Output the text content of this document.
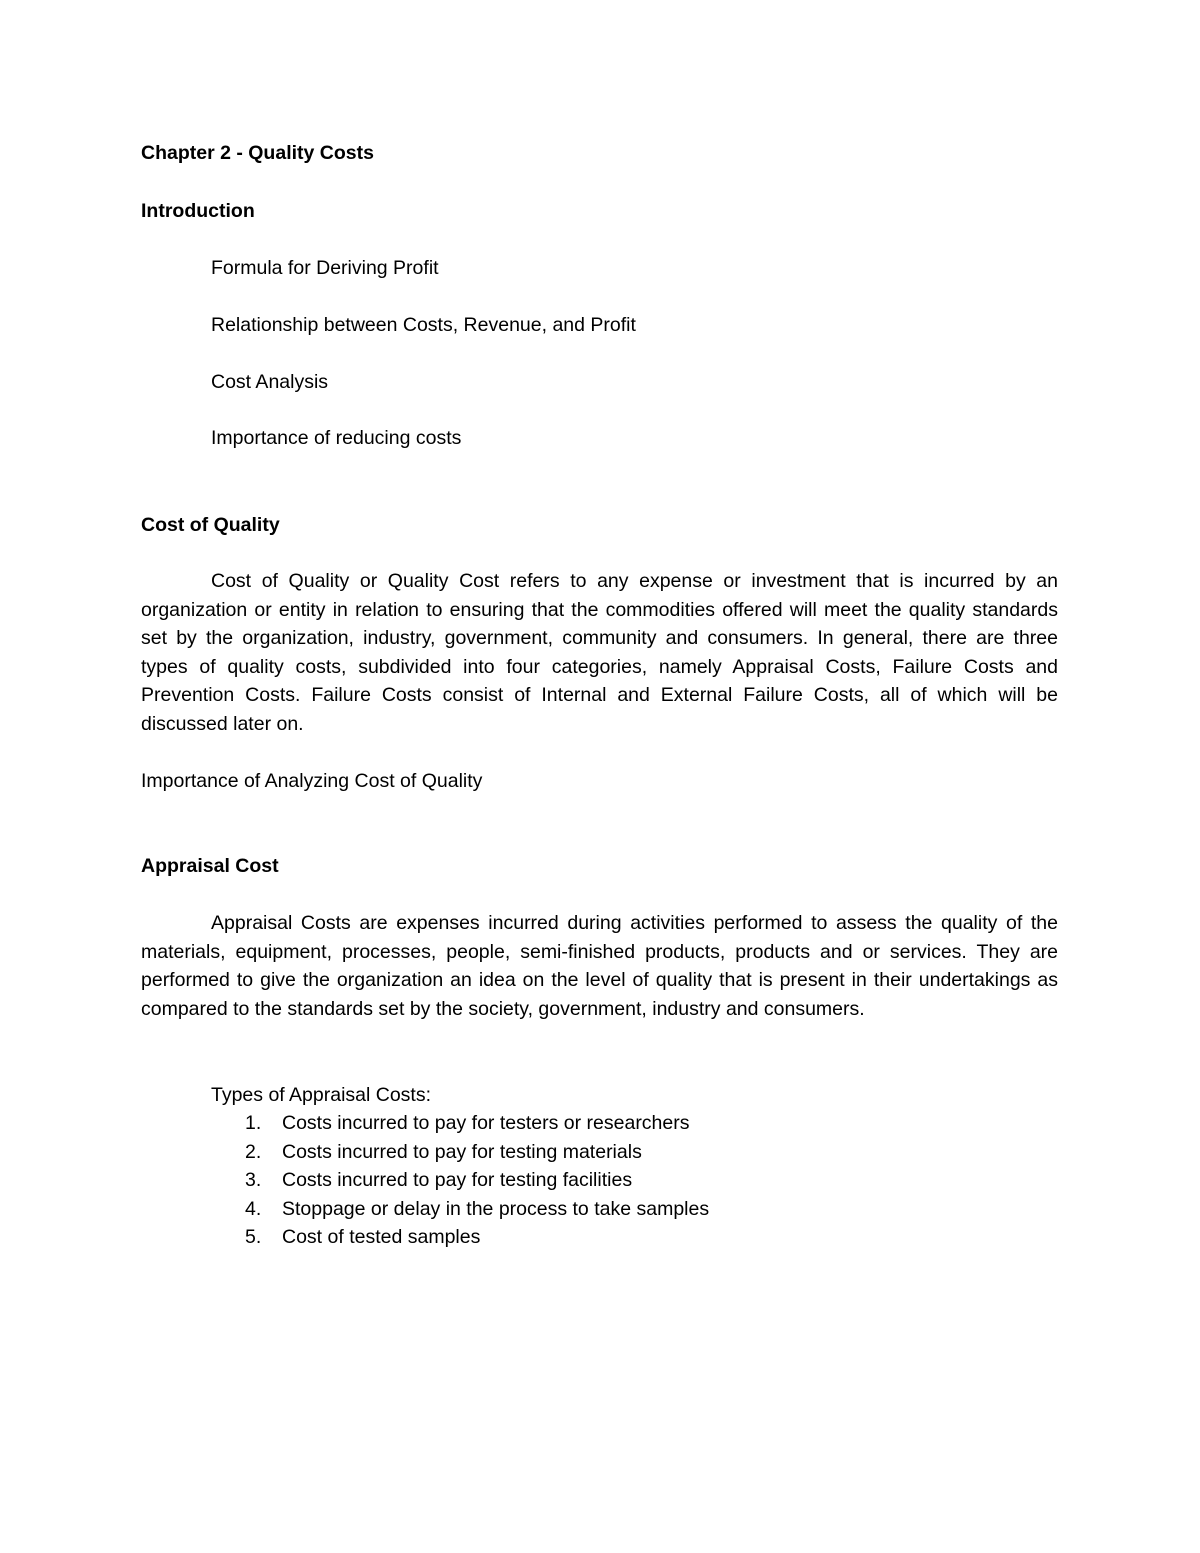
Chapter 2 - Quality Costs

Introduction

Formula for Deriving Profit

Relationship between Costs, Revenue, and Profit

Cost Analysis

Importance of reducing costs

Cost of Quality

Cost of Quality or Quality Cost refers to any expense or investment that is incurred by an organization or entity in relation to ensuring that the commodities offered will meet the quality standards set by the organization, industry, government, community and consumers. In general, there are three types of quality costs, subdivided into four categories, namely Appraisal Costs, Failure Costs and Prevention Costs. Failure Costs consist of Internal and External Failure Costs, all of which will be discussed later on.

Importance of Analyzing Cost of Quality

Appraisal Cost

Appraisal Costs are expenses incurred during activities performed to assess the quality of the materials, equipment, processes, people, semi-finished products, products and or services. They are performed to give the organization an idea on the level of quality that is present in their undertakings as compared to the standards set by the society, government, industry and consumers.

Types of Appraisal Costs:

1. Costs incurred to pay for testers or researchers
2. Costs incurred to pay for testing materials
3. Costs incurred to pay for testing facilities
4. Stoppage or delay in the process to take samples
5. Cost of tested samples
